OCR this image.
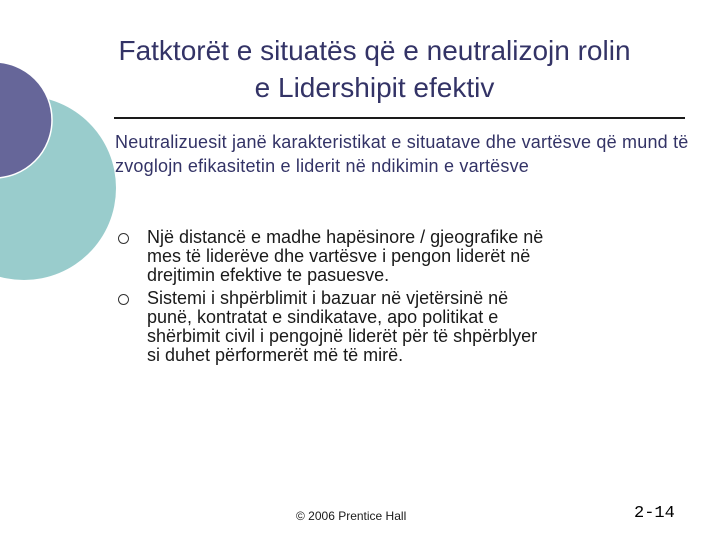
Fatktorët e situatës që e neutralizojn rolin e Lidershipit efektiv
Neutralizuesit janë karakteristikat e situatave dhe vartësve që mund të zvoglojn efikasitetin e liderit në ndikimin e vartësve
Një distancë e madhe hapësinore / gjeografike në
mes të liderëve dhe vartësve i pengon liderët në
drejtimin efektive te pasuesve.
Sistemi i shpërblimit i bazuar në vjetërsinë në
punë, kontratat e sindikatave, apo politikat e
shërbimit civil i pengojnë liderët për të shpërblyer
si duhet përformerët më të mirë.
© 2006 Prentice Hall	2-14
